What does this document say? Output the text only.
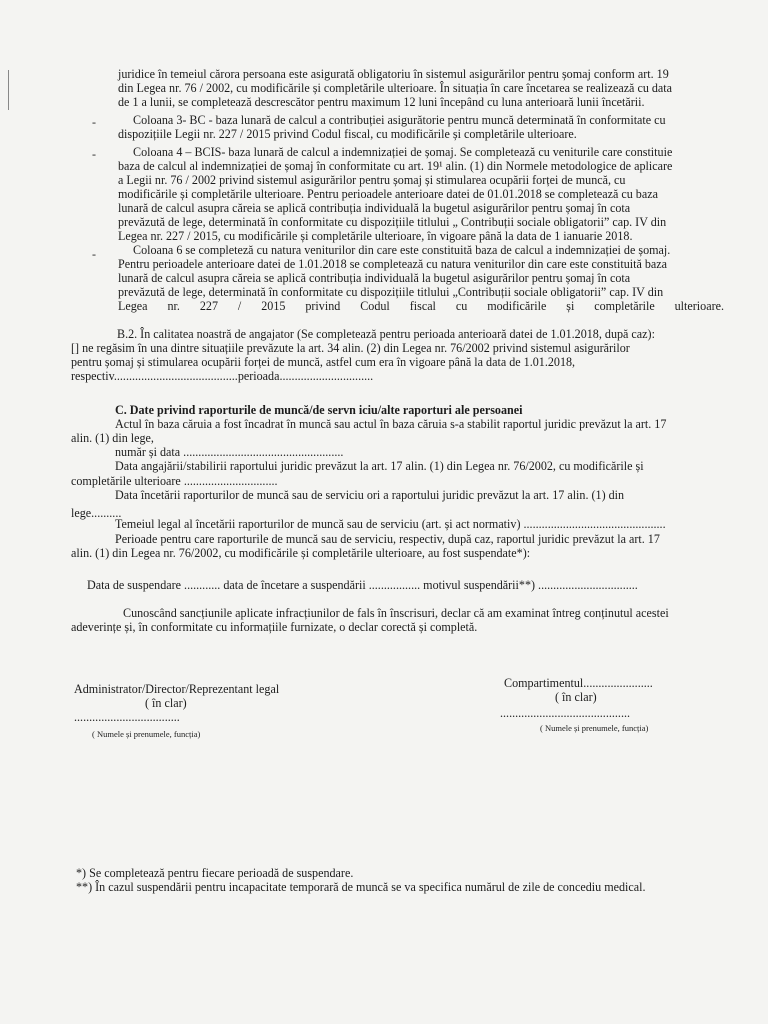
juridice în temeiul cărora persoana este asigurată obligatoriu în sistemul asigurărilor pentru șomaj conform art. 19

din Legea nr. 76 / 2002, cu modificările și completările ulterioare. În situația în care încetarea se realizează cu data

de 1 a lunii, se completează descrescător pentru maximum 12 luni începând cu luna anterioară lunii încetării.

-	Coloana 3- BC - baza lunară de calcul a contribuției asigurătorie pentru muncă determinată în conformitate cu

dispozițiile Legii nr. 227 / 2015 privind Codul fiscal, cu modificările și completările ulterioare.

-	Coloana 4 – BCIS- baza lunară de calcul a indemnizației de șomaj. Se completează cu veniturile care constituie

baza de calcul al indemnizației de șomaj în conformitate cu art. 19¹ alin. (1) din Normele metodologice de aplicare

a Legii nr. 76 / 2002 privind sistemul asigurărilor pentru șomaj și stimularea ocupării forței de muncă, cu

modificările și completările ulterioare. Pentru perioadele anterioare datei de 01.01.2018 se completează cu baza

lunară de calcul asupra căreia se aplică contribuția individuală la bugetul asigurărilor pentru șomaj în cota

prevăzută de lege, determinată în conformitate cu dispozițiile titlului „ Contribuții sociale obligatorii” cap. IV din

Legea nr. 227 / 2015, cu modificările și completările ulterioare, în vigoare până la data de 1 ianuarie 2018.

-	Coloana 6 se completeză cu natura veniturilor din care este constituită baza de calcul a indemnizației de șomaj.

Pentru perioadele anterioare datei de 1.01.2018 se completează cu natura veniturilor din care este constituită baza

lunară de calcul asupra căreia se aplică contribuția individuală la bugetul asigurărilor pentru șomaj în cota

prevăzută de lege, determinată în conformitate cu dispozițiile titlului „Contribuții sociale obligatorii” cap. IV din

Legea nr. 227 / 2015 privind Codul fiscal cu modificările și completările ulterioare.

B.2. În calitatea noastră de angajator (Se completează pentru perioada anterioară datei de 1.01.2018, după caz):

[] ne regăsim în una dintre situațiile prevăzute la art. 34 alin. (2) din Legea nr. 76/2002 privind sistemul asigurărilor

pentru șomaj și stimularea ocupării forței de muncă, astfel cum era în vigoare până la data de 1.01.2018,

respectiv.........................................perioada...............................

C. Date privind raporturile de muncă/de servn iciu/alte raporturi ale persoanei

Actul în baza căruia a fost încadrat în muncă sau actul în baza căruia s-a stabilit raportul juridic prevăzut la art. 17

alin. (1) din lege,

număr și data .....................................................

Data angajării/stabilirii raportului juridic prevăzut la art. 17 alin. (1) din Legea nr. 76/2002, cu modificările și

completările ulterioare ...............................

Data încetării raporturilor de muncă sau de serviciu ori a raportului juridic prevăzut la art. 17 alin. (1) din

lege..........

Temeiul legal al încetării raporturilor de muncă sau de serviciu (art. și act normativ) ...............................................

Perioade pentru care raporturile de muncă sau de serviciu, respectiv, după caz, raportul juridic prevăzut la art. 17

alin. (1) din Legea nr. 76/2002, cu modificările și completările ulterioare, au fost suspendate*):

Data de suspendare ............ data de încetare a suspendării ................. motivul suspendării**) .................................

Cunoscând sancțiunile aplicate infracțiunilor de fals în înscrisuri, declar că am examinat întreg conținutul acestei

adeverințe și, în conformitate cu informațiile furnizate, o declar corectă și completă.

Administrator/Director/Reprezentant legal

( în clar)

...................................

( Numele și prenumele, funcția)

Compartimentul.......................

( în clar)

...........................................

( Numele și prenumele, funcția)

*) Se completează pentru fiecare perioadă de suspendare.

**) În cazul suspendării pentru incapacitate temporară de muncă se va specifica numărul de zile de concediu medical.
